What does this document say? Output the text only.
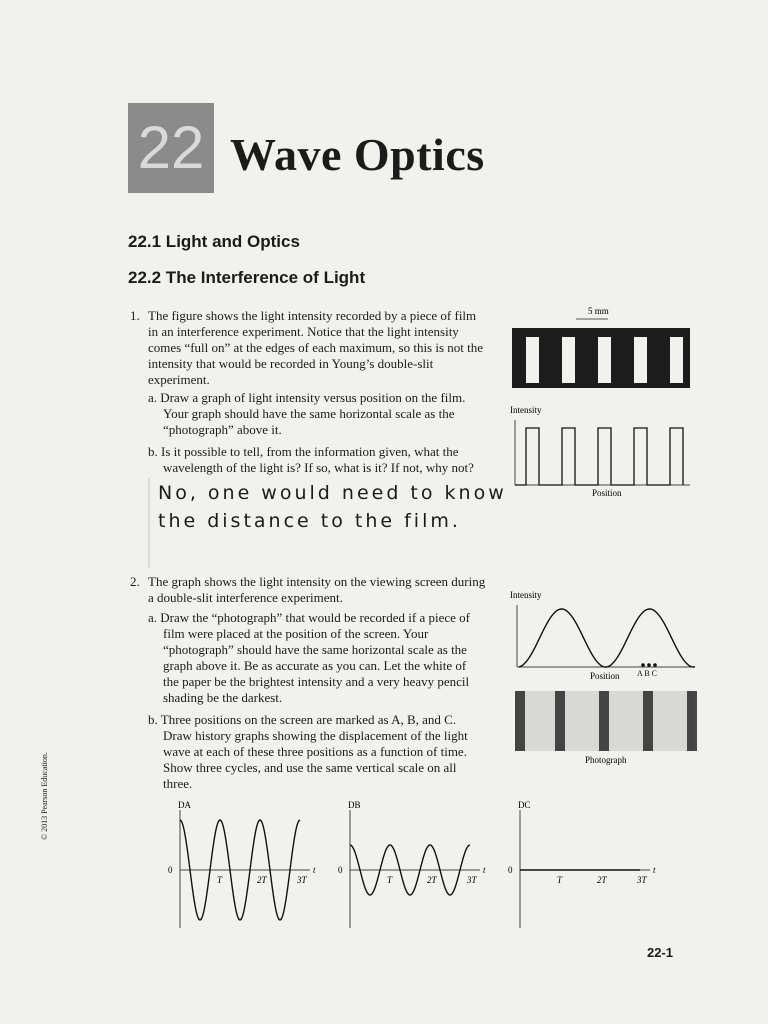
22 Wave Optics
22.1 Light and Optics
22.2 The Interference of Light
1. The figure shows the light intensity recorded by a piece of film
in an interference experiment. Notice that the light intensity
comes “full on” at the edges of each maximum, so this is not the
intensity that would be recorded in Young’s double-slit
experiment.
a. Draw a graph of light intensity versus position on the film.
Your graph should have the same horizontal scale as the
“photograph” above it.
b. Is it possible to tell, from the information given, what the
wavelength of the light is? If so, what is it? If not, why not?
No, one would need to know
the distance to the film.
5 mm
Intensity
Position
2. The graph shows the light intensity on the viewing screen during
a double-slit interference experiment.
a. Draw the “photograph” that would be recorded if a piece of
film were placed at the position of the screen. Your
“photograph” should have the same horizontal scale as the
graph above it. Be as accurate as you can. Let the white of
the paper be the brightest intensity and a very heavy pencil
shading be the darkest.
b. Three positions on the screen are marked as A, B, and C.
Draw history graphs showing the displacement of the light
wave at each of these three positions as a function of time.
Show three cycles, and use the same vertical scale on all
three.
Intensity
Position A B C
Photograph
DA
0	t
T	2T	3T
DB
0	t
T	2T	3T
DC
0	t
T	2T	3T
22-1
© 2013 Pearson Education.
